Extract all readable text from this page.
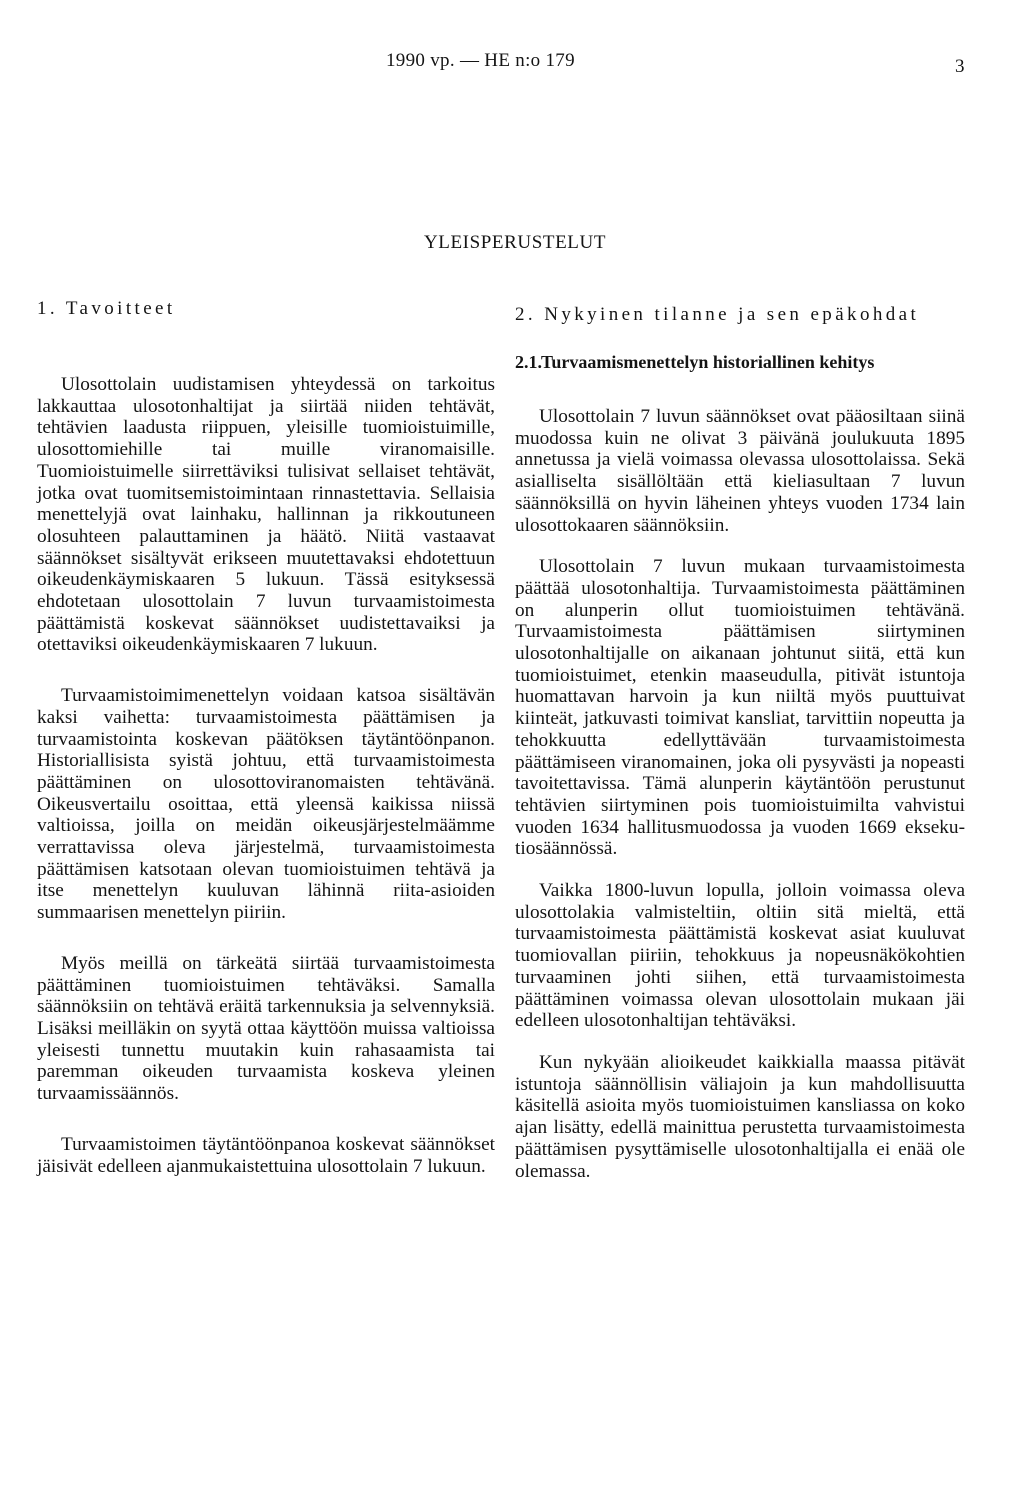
1990 vp. — HE n:o 179	3
YLEISPERUSTELUT
1. Tavoitteet

Ulosottolain uudistamisen yhteydessä on tarkoitus lakkauttaa ulosotonhaltijat ja siirtää niiden tehtävät, tehtävien laadusta riippuen, yleisille tuomioistuimille, ulosottomiehille tai muille viranomaisille. Tuomioistuimelle siirrettäviksi tulisivat sellaiset tehtävät, jotka ovat tuomitsemistoimintaan rinnastettavia. Sellaisia menettelyjä ovat lainhaku, hallinnan ja rikkoutuneen olosuhteen palauttaminen ja häätö. Niitä vastaavat säännökset sisältyvät erikseen muutettavaksi ehdotettuun oikeudenkäymiskaaren 5 lukuun. Tässä esityksessä ehdotetaan ulosottolain 7 luvun turvaamistoimesta päättämistä koskevat säännökset uudistettavaiksi ja otettaviksi oikeudenkäymiskaaren 7 lukuun.

Turvaamistoimimenettelyn voidaan katsoa sisältävän kaksi vaihetta: turvaamistoimesta päättämisen ja turvaamistointa koskevan päätöksen täytäntöönpanon. Historiallisista syistä johtuu, että turvaamistoimesta päättäminen on ulosottoviranomaisten tehtävänä. Oikeusvertailu osoittaa, että yleensä kaikissa niissä valtioissa, joilla on meidän oikeusjärjestelmäämme verrattavissa oleva järjestelmä, turvaamistoimesta päättämisen katsotaan olevan tuomioistuimen tehtävä ja itse menettelyn kuuluvan lähinnä riita-asioiden summaarisen menettelyn piiriin.

Myös meillä on tärkeätä siirtää turvaamistoimesta päättäminen tuomioistuimen tehtäväksi. Samalla säännöksiin on tehtävä eräitä tarkennuksia ja selvennyksiä. Lisäksi meilläkin on syytä ottaa käyttöön muissa valtioissa yleisesti tunnettu muutakin kuin rahasaamista tai paremman oikeuden turvaamista koskeva yleinen turvaamissäännös.

Turvaamistoimen täytäntöönpanoa koskevat säännökset jäisivät edelleen ajanmukaistettuina ulosottolain 7 lukuun.

2. Nykyinen tilanne ja sen epäkohdat
2.1. Turvaamismenettelyn historiallinen kehitys

Ulosottolain 7 luvun säännökset ovat pääosiltaan siinä muodossa kuin ne olivat 3 päivänä joulukuuta 1895 annetussa ja vielä voimassa olevassa ulosottolaissa. Sekä asialliselta sisällöltään että kieliasultaan 7 luvun säännöksillä on hyvin läheinen yhteys vuoden 1734 lain ulosottokaaren säännöksiin.

Ulosottolain 7 luvun mukaan turvaamistoimesta päättää ulosotonhaltija. Turvaamistoimesta päättäminen on alunperin ollut tuomioistuimen tehtävänä. Turvaamistoimesta päättämisen siirtyminen ulosotonhaltijalle on aikanaan johtunut siitä, että kun tuomioistuimet, etenkin maaseudulla, pitivät istuntoja huomattavan harvoin ja kun niiltä myös puuttuivat kiinteät, jatkuvasti toimivat kansliat, tarvittiin nopeutta ja tehokkuutta edellyttävään turvaamistoimesta päättämiseen viranomainen, joka oli pysyvästi ja nopeasti tavoitettavissa. Tämä alunperin käytäntöön perustunut tehtävien siirtyminen pois tuomioistuimilta vahvistui vuoden 1634 hallitusmuodossa ja vuoden 1669 eksekutiosäännössä.

Vaikka 1800-luvun lopulla, jolloin voimassa oleva ulosottolakia valmisteltiin, oltiin sitä mieltä, että turvaamistoimesta päättämistä koskevat asiat kuuluvat tuomiovallan piiriin, tehokkuus ja nopeusnäkökohtien turvaaminen johti siihen, että turvaamistoimesta päättäminen voimassa olevan ulosottolain mukaan jäi edelleen ulosotonhaltijan tehtäväksi.

Kun nykyään alioikeudet kaikkialla maassa pitävät istuntoja säännöllisin väliajoin ja kun mahdollisuutta käsitellä asioita myös tuomioistuimen kansliassa on koko ajan lisätty, edellä mainittua perustetta turvaamistoimesta päättämisen pysyttämiselle ulosotonhaltijalla ei enää ole olemassa.
